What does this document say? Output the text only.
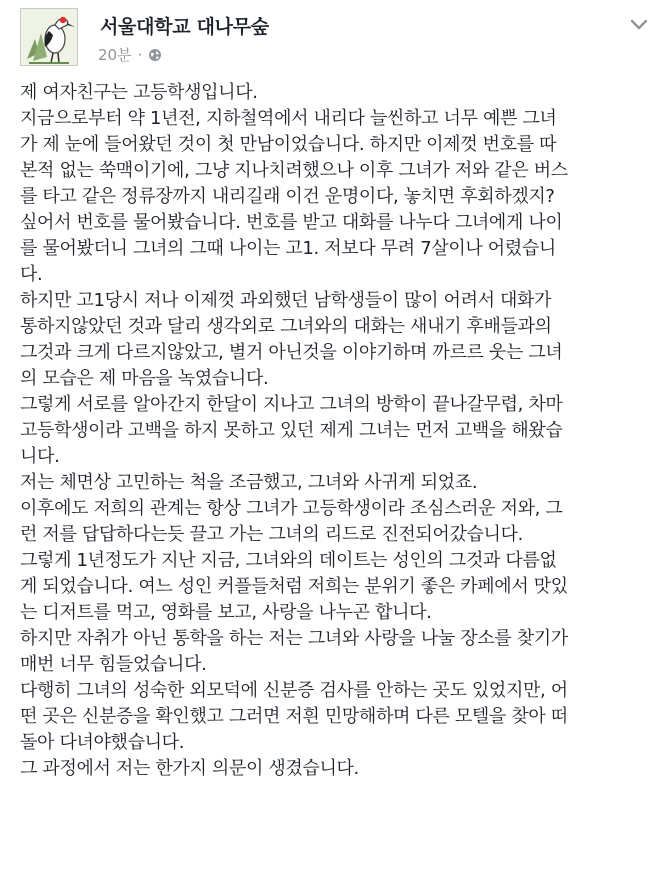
서울대학교 대나무숲
20분 ·
제 여자친구는 고등학생입니다.
지금으로부터 약 1년전, 지하철역에서 내리다 늘씬하고 너무 예쁜 그녀
가 제 눈에 들어왔던 것이 첫 만남이었습니다. 하지만 이제껏 번호를 따
본적 없는 쑥맥이기에, 그냥 지나치려했으나 이후 그녀가 저와 같은 버스
를 타고 같은 정류장까지 내리길래 이건 운명이다, 놓치면 후회하겠지?
싶어서 번호를 물어봤습니다. 번호를 받고 대화를 나누다 그녀에게 나이
를 물어봤더니 그녀의 그때 나이는 고1. 저보다 무려 7살이나 어렸습니
다.
하지만 고1당시 저나 이제껏 과외했던 남학생들이 많이 어려서 대화가
통하지않았던 것과 달리 생각외로 그녀와의 대화는 새내기 후배들과의
그것과 크게 다르지않았고, 별거 아닌것을 이야기하며 까르르 웃는 그녀
의 모습은 제 마음을 녹였습니다.
그렇게 서로를 알아간지 한달이 지나고 그녀의 방학이 끝나갈무렵, 차마
고등학생이라 고백을 하지 못하고 있던 제게 그녀는 먼저 고백을 해왔습
니다.
저는 체면상 고민하는 척을 조금했고, 그녀와 사귀게 되었죠.
이후에도 저희의 관계는 항상 그녀가 고등학생이라 조심스러운 저와, 그
런 저를 답답하다는듯 끌고 가는 그녀의 리드로 진전되어갔습니다.
그렇게 1년정도가 지난 지금, 그녀와의 데이트는 성인의 그것과 다름없
게 되었습니다. 여느 성인 커플들처럼 저희는 분위기 좋은 카페에서 맛있
는 디저트를 먹고, 영화를 보고, 사랑을 나누곤 합니다.
하지만 자취가 아닌 통학을 하는 저는 그녀와 사랑을 나눌 장소를 찾기가
매번 너무 힘들었습니다.
다행히 그녀의 성숙한 외모덕에 신분증 검사를 안하는 곳도 있었지만, 어
떤 곳은 신분증을 확인했고 그러면 저흰 민망해하며 다른 모텔을 찾아 떠
돌아 다녀야했습니다.
그 과정에서 저는 한가지 의문이 생겼습니다.
